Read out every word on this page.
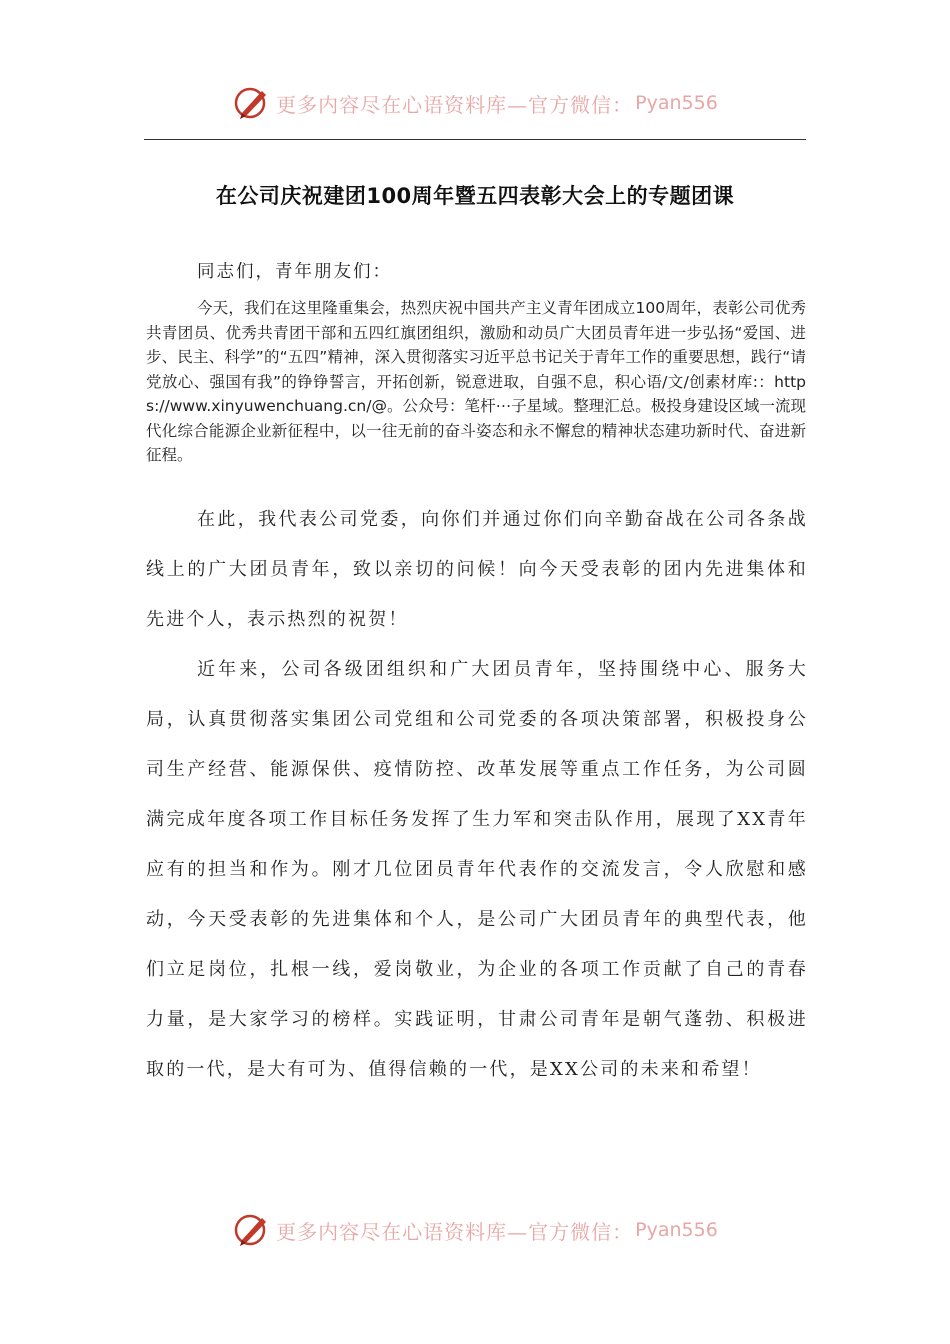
更多内容尽在心语资料库—官方微信： Pyan556
在公司庆祝建团100周年暨五四表彰大会上的专题团课
同志们，青年朋友们：
今天，我们在这里隆重集会，热烈庆祝中国共产主义青年团成立100周年，表彰公司优秀共青团员、优秀共青团干部和五四红旗团组织，激励和动员广大团员青年进一步弘扬“爱国、进步、民主、科学”的“五四”精神，深入贯彻落实习近平总书记关于青年工作的重要思想，践行“请党放心、强国有我”的铮铮誓言，开拓创新，锐意进取，自强不息，积心语/文/创素材库:：https://www.xinyuwenchuang.cn/@。公众号：笔杆⋯子星域。整理汇总。极投身建设区域一流现代化综合能源企业新征程中，以一往无前的奋斗姿态和永不懈怠的精神状态建功新时代、奋进新征程。
在此，我代表公司党委，向你们并通过你们向辛勤奋战在公司各条战线上的广大团员青年，致以亲切的问候！向今天受表彰的团内先进集体和先进个人，表示热烈的祝贺！
近年来，公司各级团组织和广大团员青年，坚持围绕中心、服务大局，认真贯彻落实集团公司党组和公司党委的各项决策部署，积极投身公司生产经营、能源保供、疫情防控、改革发展等重点工作任务，为公司圆满完成年度各项工作目标任务发挥了生力军和突击队作用，展现了XX青年应有的担当和作为。刚才几位团员青年代表作的交流发言，令人欣慰和感动，今天受表彰的先进集体和个人，是公司广大团员青年的典型代表，他们立足岗位，扎根一线，爱岗敬业，为企业的各项工作贡献了自己的青春力量，是大家学习的榜样。实践证明，甘肃公司青年是朝气蓬勃、积极进取的一代，是大有可为、值得信赖的一代，是XX公司的未来和希望！
更多内容尽在心语资料库—官方微信： Pyan556
